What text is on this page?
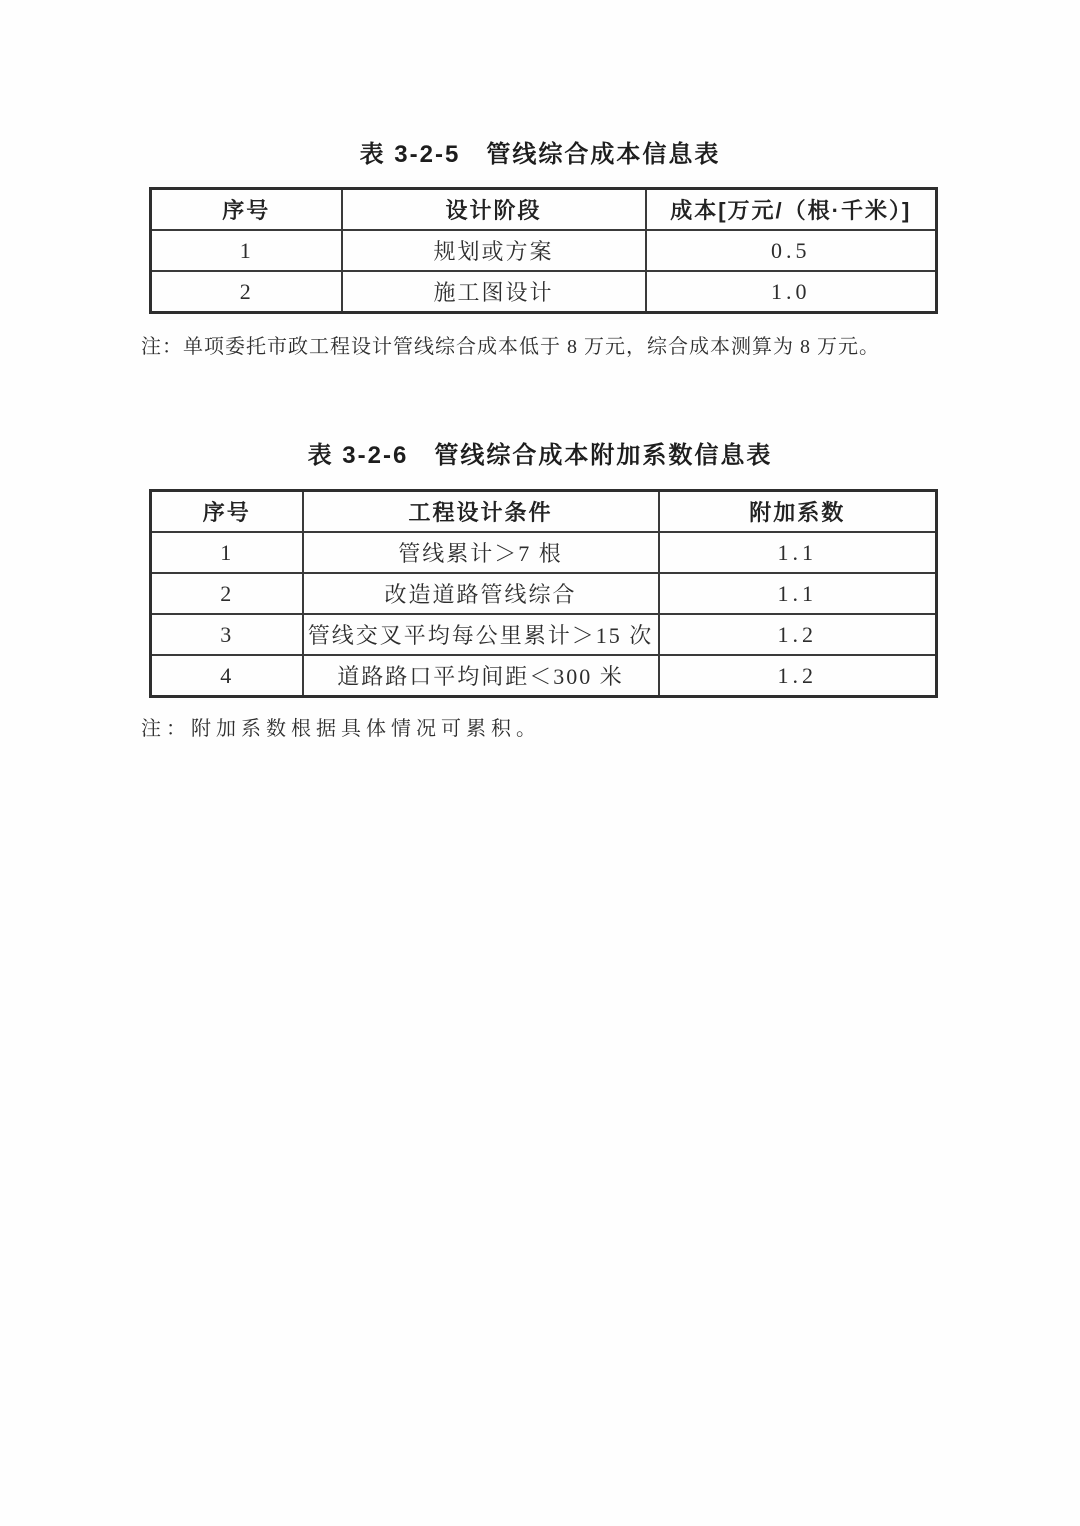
表 3-2-5　管线综合成本信息表
序号	设计阶段	成本[万元/（根·千米）]
1	规划或方案	0.5
2	施工图设计	1.0
注：单项委托市政工程设计管线综合成本低于 8 万元，综合成本测算为 8 万元。
表 3-2-6　管线综合成本附加系数信息表
序号	工程设计条件	附加系数
1	管线累计＞7 根	1.1
2	改造道路管线综合	1.1
3	管线交叉平均每公里累计＞15 次	1.2
4	道路路口平均间距＜300 米	1.2
注：附加系数根据具体情况可累积。
